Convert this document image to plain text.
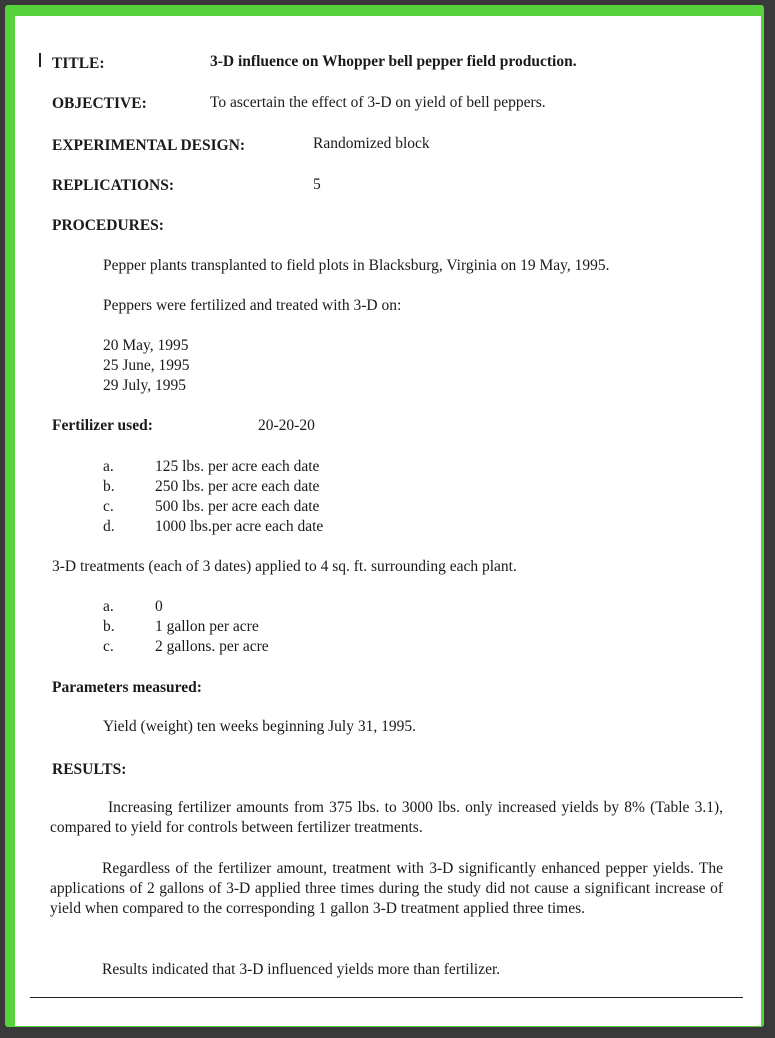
TITLE:	3-D influence on Whopper bell pepper field production.
OBJECTIVE:	To ascertain the effect of 3-D on yield of bell peppers.
EXPERIMENTAL DESIGN:	Randomized block
REPLICATIONS:	5
PROCEDURES:
Pepper plants transplanted to field plots in Blacksburg, Virginia on 19 May, 1995.
Peppers were fertilized and treated with 3-D on:
20 May, 1995
25 June, 1995
29 July, 1995
Fertilizer used:	20-20-20
a.	125 lbs. per acre each date
b.	250 lbs. per acre each date
c.	500 lbs. per acre each date
d.	1000 lbs.per acre each date
3-D treatments (each of 3 dates) applied to 4 sq. ft. surrounding each plant.
a.	0
b.	1 gallon per acre
c.	2 gallons. per acre
Parameters measured:
Yield (weight) ten weeks beginning July 31, 1995.
RESULTS:
Increasing fertilizer amounts from 375 lbs. to 3000 lbs. only increased yields by 8% (Table 3.1), compared to yield for controls between fertilizer treatments.
Regardless of the fertilizer amount, treatment with 3-D significantly enhanced pepper yields. The applications of 2 gallons of 3-D applied three times during the study did not cause a significant increase of yield when compared to the corresponding 1 gallon 3-D treatment applied three times.
Results indicated that 3-D influenced yields more than fertilizer.
